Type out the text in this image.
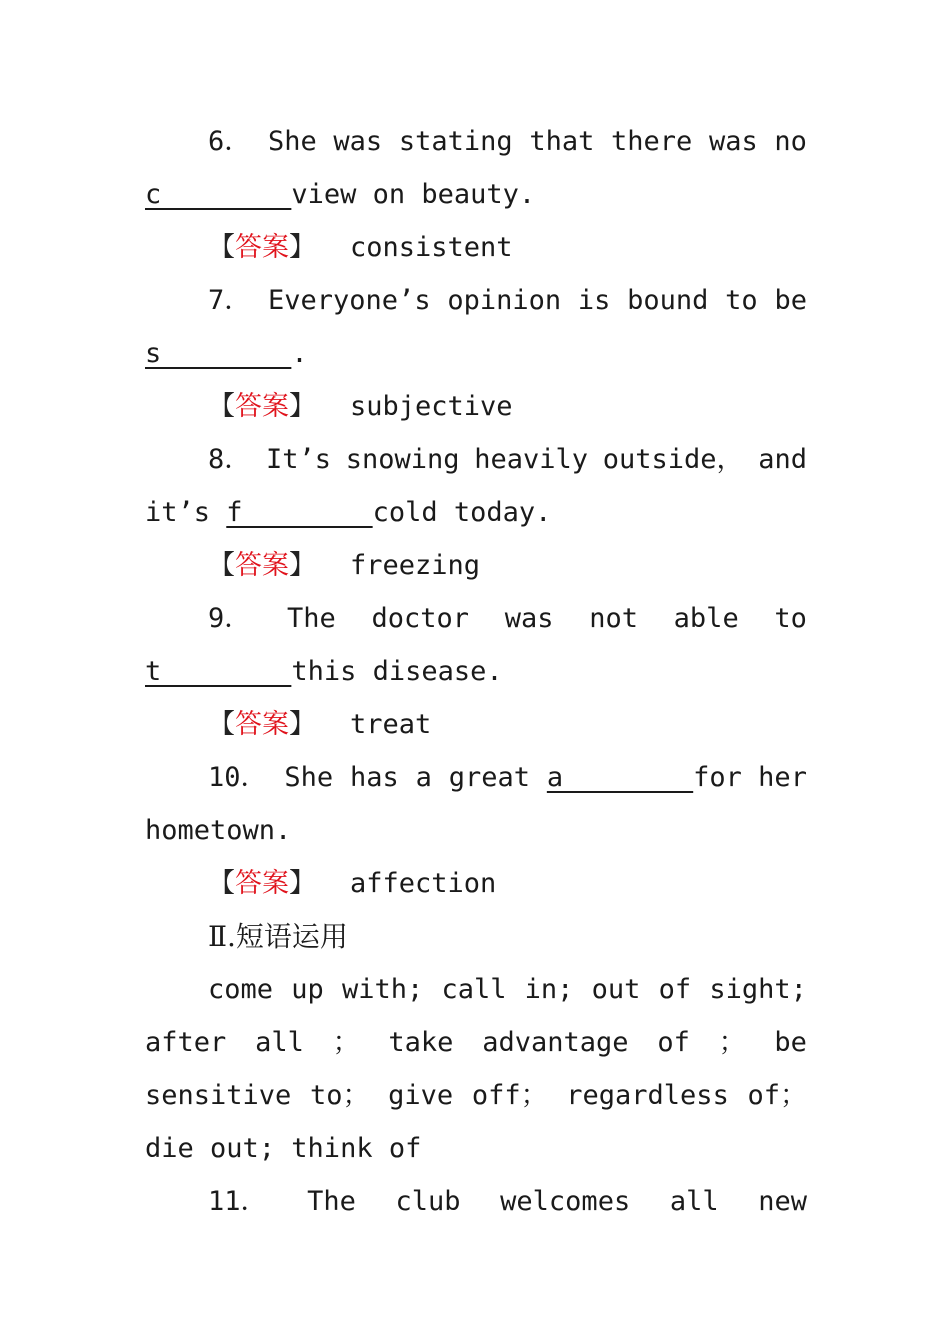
6． She was stating that there was no
c________ view on beauty.
【 答案 】 consistent
7． Everyone’s opinion is bound to be
s________ .
【 答案 】 subjective
8． It’s snowing heavily outside， and
it’s f________ cold today.
【 答案 】 freezing
9． The doctor was not able to
t________ this disease.
【 答案 】 treat
10． She has a great a________for her
hometown.
【 答案 】 affection
Ⅱ.短语运用
come up with; call in; out of sight;
after all ； take advantage of ； be
sensitive to； give off； regardless of；
die out; think of
11． The club welcomes all new
